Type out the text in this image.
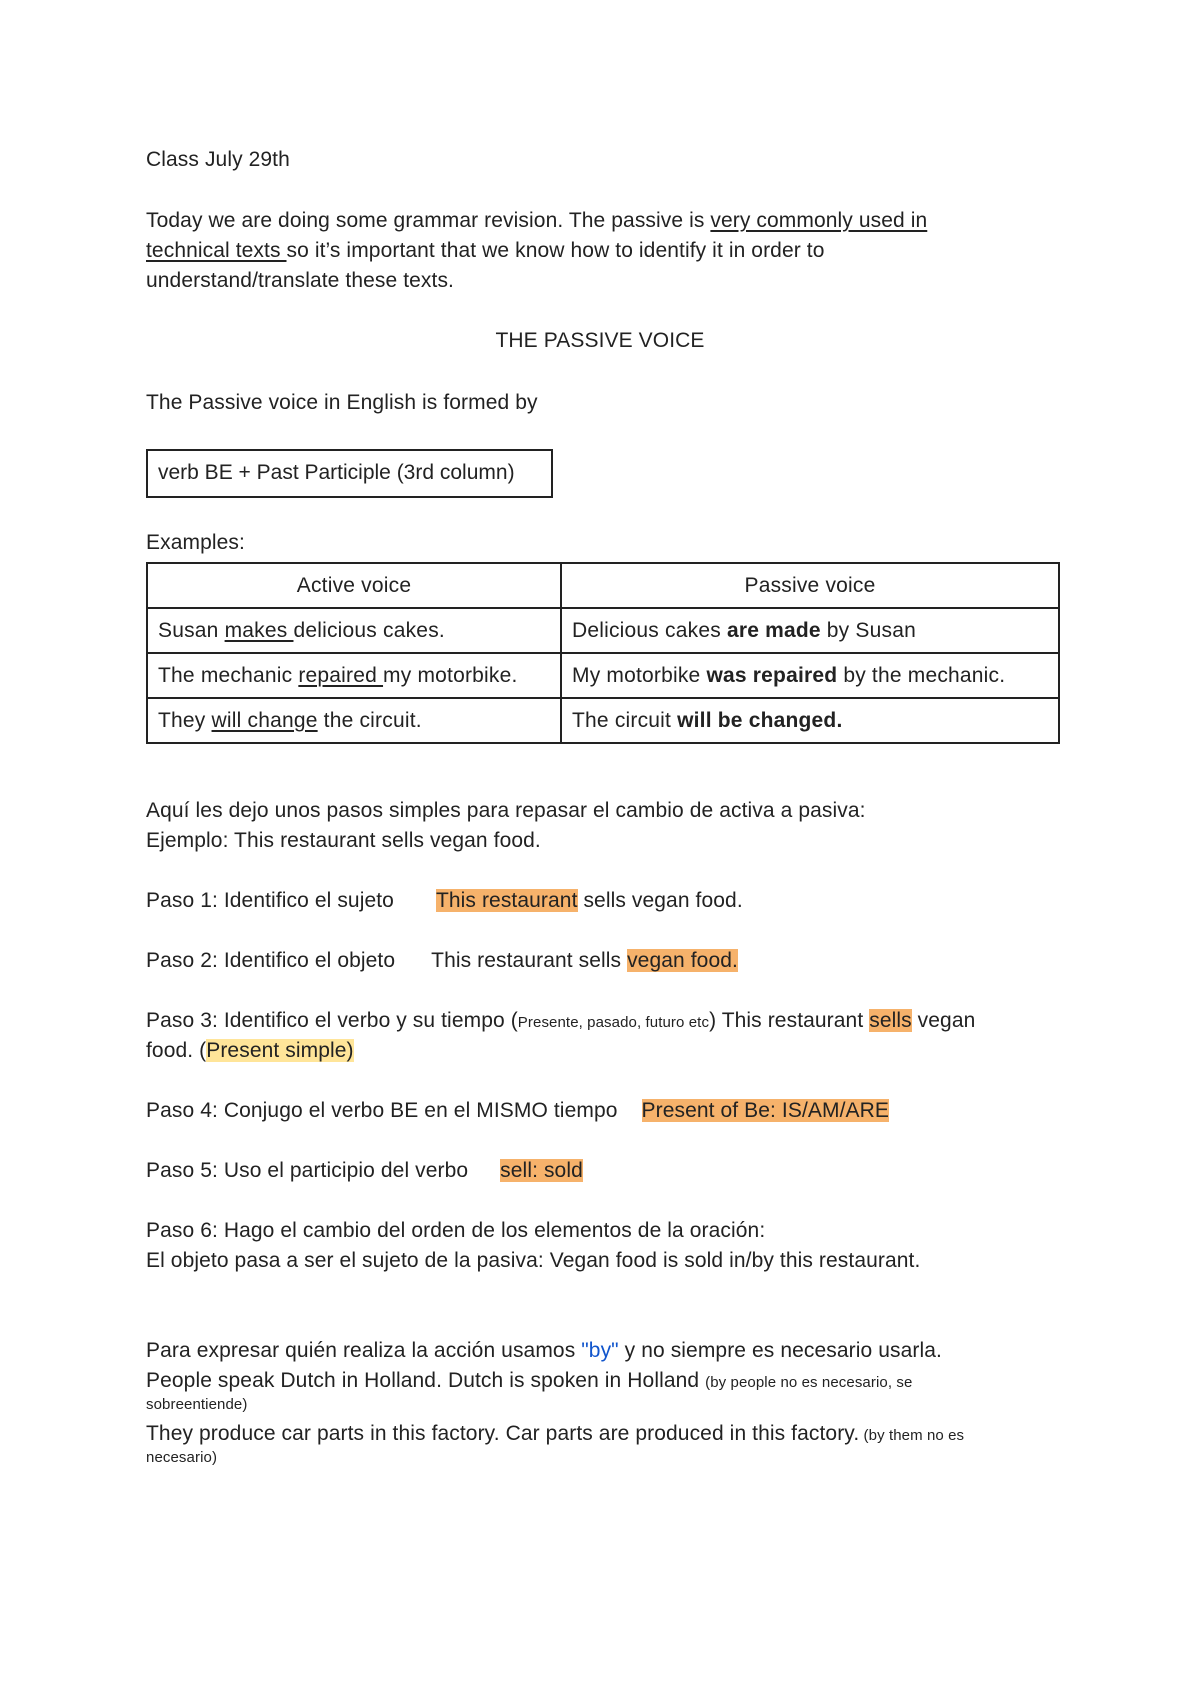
Class July 29th
Today we are doing some grammar revision. The passive is very commonly used in
technical texts so it’s important that we know how to identify it in order to
understand/translate these texts.
THE PASSIVE VOICE
The Passive voice in English is formed by
verb BE + Past Participle (3rd column)
Examples:
Active voice	Passive voice
Susan makes delicious cakes.	Delicious cakes are made by Susan
The mechanic repaired my motorbike.	My motorbike was repaired by the mechanic.
They will change the circuit.	The circuit will be changed.
Aquí les dejo unos pasos simples para repasar el cambio de activa a pasiva:
Ejemplo: This restaurant sells vegan food.
Paso 1: Identifico el sujeto This restaurant sells vegan food.
Paso 2: Identifico el objeto This restaurant sells vegan food.
Paso 3: Identifico el verbo y su tiempo (Presente, pasado, futuro etc) This restaurant sells vegan
food. (Present simple)
Paso 4: Conjugo el verbo BE en el MISMO tiempo Present of Be: IS/AM/ARE
Paso 5: Uso el participio del verbo sell: sold
Paso 6: Hago el cambio del orden de los elementos de la oración:
El objeto pasa a ser el sujeto de la pasiva: Vegan food is sold in/by this restaurant.
Para expresar quién realiza la acción usamos "by" y no siempre es necesario usarla.
People speak Dutch in Holland. Dutch is spoken in Holland (by people no es necesario, se
sobreentiende)
They produce car parts in this factory. Car parts are produced in this factory. (by them no es
necesario)
